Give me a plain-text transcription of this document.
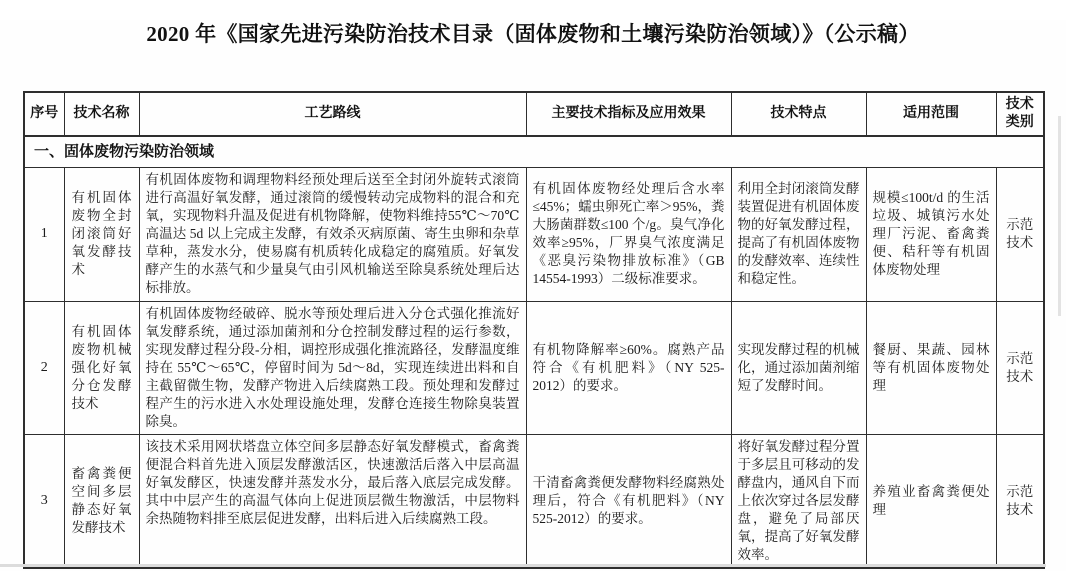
2020 年《国家先进污染防治技术目录（固体废物和土壤污染防治领域）》（公示稿）
序号	技术名称	工艺路线	主要技术指标及应用效果	技术特点	适用范围	技术类别
一、固体废物污染防治领域						
1	有机固体废物全封闭滚筒好氧发酵技术	有机固体废物和调理物料经预处理后送至全封闭外旋转式滚筒进行高温好氧发酵，通过滚筒的缓慢转动完成物料的混合和充氧，实现物料升温及促进有机物降解，使物料维持55℃～70℃高温达 5d 以上完成主发酵，有效杀灭病原菌、寄生虫卵和杂草草种，蒸发水分，使易腐有机质转化成稳定的腐殖质。好氧发酵产生的水蒸气和少量臭气由引风机输送至除臭系统处理后达标排放。	有机固体废物经处理后含水率≤45%；蠕虫卵死亡率＞95%，粪大肠菌群数≤100 个/g。臭气净化效率≥95%，厂界臭气浓度满足《恶臭污染物排放标准》（GB 14554-1993）二级标准要求。	利用全封闭滚筒发酵装置促进有机固体废物的好氧发酵过程，提高了有机固体废物的发酵效率、连续性和稳定性。	规模≤100t/d 的生活垃圾、城镇污水处理厂污泥、畜禽粪便、秸秆等有机固体废物处理	示范技术
2	有机固体废物机械强化好氧分仓发酵技术	有机固体废物经破碎、脱水等预处理后进入分仓式强化推流好氧发酵系统，通过添加菌剂和分仓控制发酵过程的运行参数，实现发酵过程分段-分相，调控形成强化推流路径，发酵温度维持在 55℃～65℃，停留时间为 5d～8d，实现连续进出料和自主截留微生物，发酵产物进入后续腐熟工段。预处理和发酵过程产生的污水进入水处理设施处理，发酵仓连接生物除臭装置除臭。	有机物降解率≥60%。腐熟产品符合《有机肥料》（NY 525-2012）的要求。	实现发酵过程的机械化，通过添加菌剂缩短了发酵时间。	餐厨、果蔬、园林等有机固体废物处理	示范技术
3	畜禽粪便空间多层静态好氧发酵技术	该技术采用网状塔盘立体空间多层静态好氧发酵模式，畜禽粪便混合料首先进入顶层发酵激活区，快速激活后落入中层高温好氧发酵区，快速发酵并蒸发水分，最后落入底层完成发酵。其中中层产生的高温气体向上促进顶层微生物激活，中层物料余热随物料排至底层促进发酵，出料后进入后续腐熟工段。	干清畜禽粪便发酵物料经腐熟处理后，符合《有机肥料》（NY 525-2012）的要求。	将好氧发酵过程分置于多层且可移动的发酵盘内，通风自下而上依次穿过各层发酵盘，避免了局部厌氧，提高了好氧发酵效率。	养殖业畜禽粪便处理	示范技术
